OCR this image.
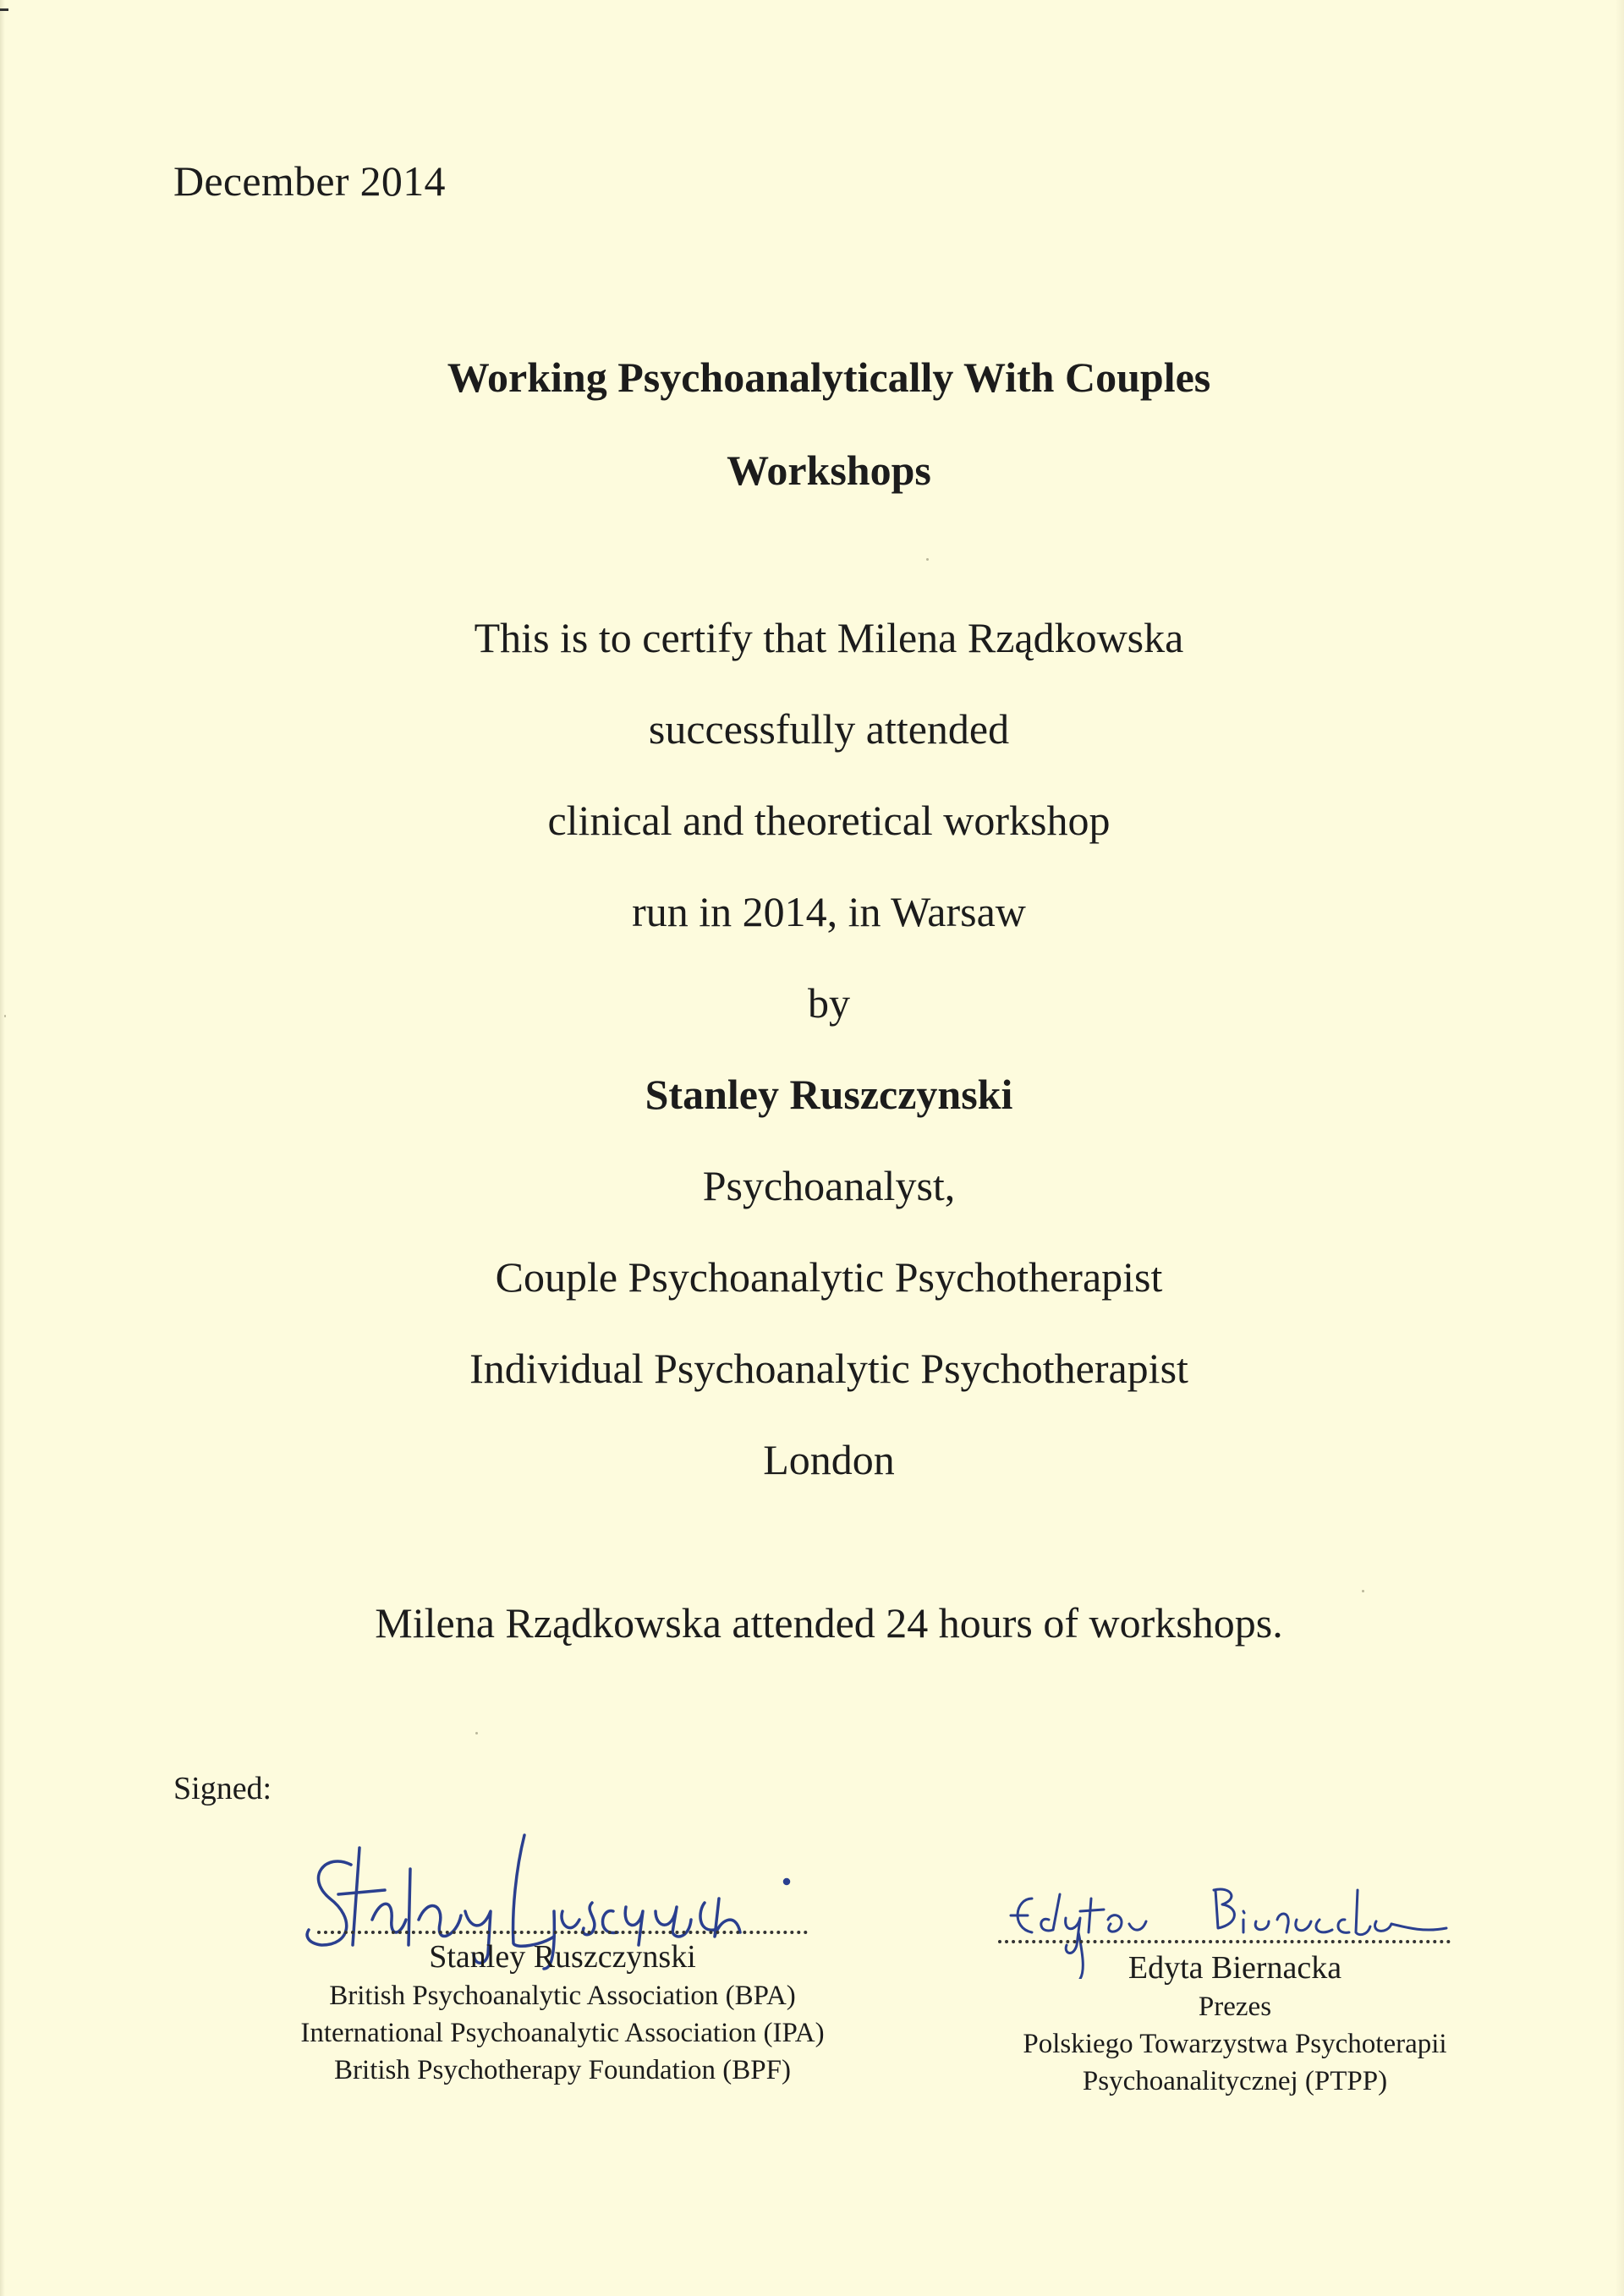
December 2014
Working Psychoanalytically With Couples
Workshops
This is to certify that Milena Rządkowska
successfully attended
clinical and theoretical workshop
run in 2014, in Warsaw
by
Stanley Ruszczynski
Psychoanalyst,
Couple Psychoanalytic Psychotherapist
Individual Psychoanalytic Psychotherapist
London
Milena Rządkowska attended 24 hours of workshops.
Signed:
Stanley Ruszczynski
British Psychoanalytic Association (BPA)
International Psychoanalytic Association (IPA)
British Psychotherapy Foundation (BPF)
Edyta Biernacka
Prezes
Polskiego Towarzystwa Psychoterapii
Psychoanalitycznej (PTPP)
